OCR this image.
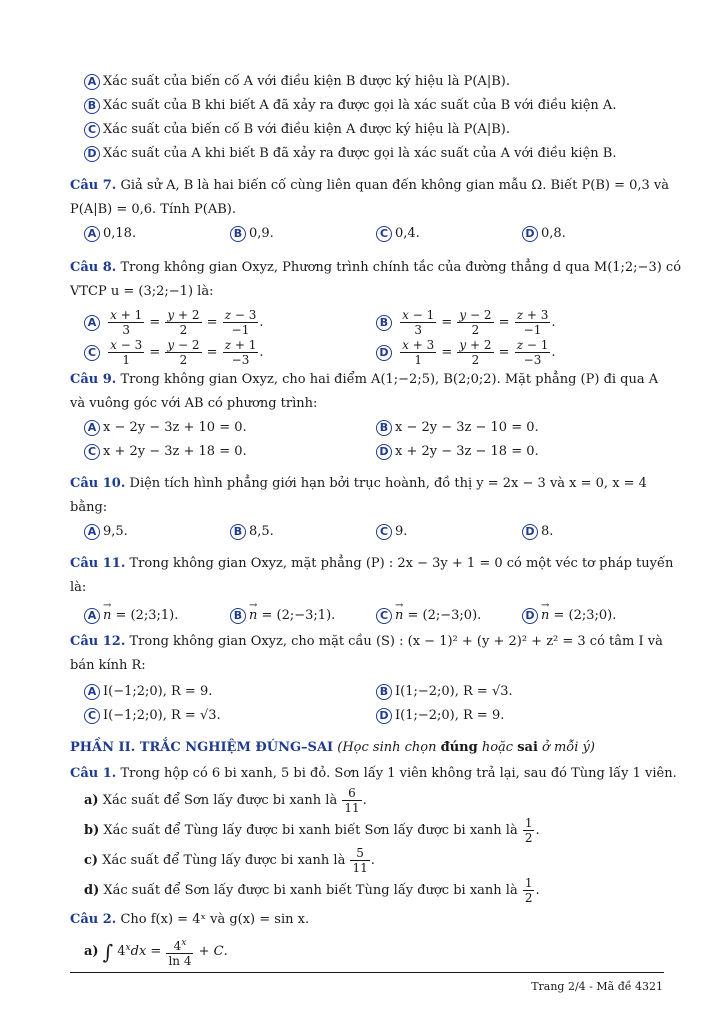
A Xác suất của biến cố A với điều kiện B được ký hiệu là P(A|B).
B Xác suất của B khi biết A đã xảy ra được gọi là xác suất của B với điều kiện A.
C Xác suất của biến cố B với điều kiện A được ký hiệu là P(A|B).
D Xác suất của A khi biết B đã xảy ra được gọi là xác suất của A với điều kiện B.
Câu 7. Giả sử A, B là hai biến cố cùng liên quan đến không gian mẫu Ω. Biết P(B) = 0,3 và
P(A|B) = 0,6. Tính P(AB).
A 0,18.	B 0,9.	C 0,4.	D 0,8.
Câu 8. Trong không gian Oxyz, Phương trình chính tắc của đường thẳng d qua M(1;2;−3) có
VTCP u = (3;2;−1) là:
A $\frac{x + 1}{3} = \frac{y + 2}{2} = \frac{z - 3}{-1}$ .	B $\frac{x - 1}{3} = \frac{y - 2}{2} = \frac{z + 3}{-1}$ .
C $\frac{x - 3}{1} = \frac{y - 2}{2} = \frac{z + 1}{-3}$ .	D $\frac{x + 3}{1} = \frac{y + 2}{2} = \frac{z - 1}{-3}$ .
Câu 9. Trong không gian Oxyz, cho hai điểm A(1;−2;5), B(2;0;2). Mặt phẳng (P) đi qua A
và vuông góc với AB có phương trình:
A x − 2y − 3z + 10 = 0.	B x − 2y − 3z − 10 = 0.
C x + 2y − 3z + 18 = 0.	D x + 2y − 3z − 18 = 0.
Câu 10. Diện tích hình phẳng giới hạn bởi trục hoành, đồ thị y = 2x − 3 và x = 0, x = 4
bằng:
A 9,5.	B 8,5.	C 9.	D 8.
Câu 11. Trong không gian Oxyz, mặt phẳng (P) : 2x − 3y + 1 = 0 có một véc tơ pháp tuyến
là:
A → n = (2;3;1).	B → n = (2;−3;1).	C → n = (2;−3;0).	D → n = (2;3;0).
Câu 12. Trong không gian Oxyz, cho mặt cầu (S) : (x − 1)² + (y + 2)² + z² = 3 có tâm I và
bán kính R:
A I(−1;2;0), R = 9.	B I(1;−2;0), R = √3.
C I(−1;2;0), R = √3.	D I(1;−2;0), R = 9.
PHẦN II. TRẮC NGHIỆM ĐÚNG–SAI (Học sinh chọn đúng hoặc sai ở mỗi ý)
Câu 1. Trong hộp có 6 bi xanh, 5 bi đỏ. Sơn lấy 1 viên không trả lại, sau đó Tùng lấy 1 viên.
a) Xác suất để Sơn lấy được bi xanh là $\frac{6}{11}$ .
b) Xác suất để Tùng lấy được bi xanh biết Sơn lấy được bi xanh là $\frac{1}{2}$ .
c) Xác suất để Tùng lấy được bi xanh là $\frac{5}{11}$ .
d) Xác suất để Sơn lấy được bi xanh biết Tùng lấy được bi xanh là $\frac{1}{2}$ .
Câu 2. Cho f(x) = 4ˣ và g(x) = sin x.
a) ∫ $4^xdx = \frac{4^x}{\ln 4} + C$.
Trang 2/4 - Mã đề 4321
